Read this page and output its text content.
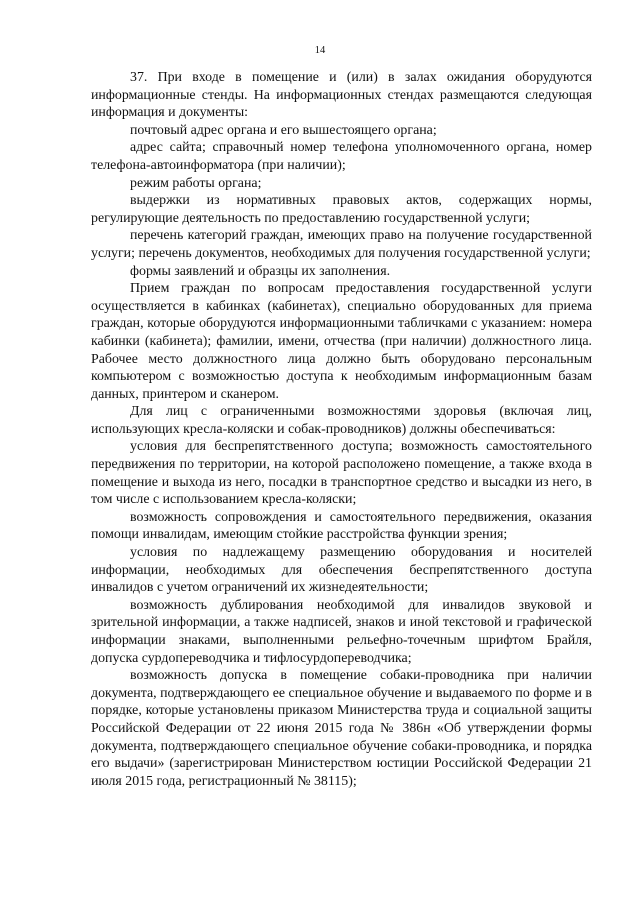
14

37. При входе в помещение и (или) в залах ожидания оборудуются информационные стенды. На информационных стендах размещаются следующая информация и документы:

почтовый адрес органа и его вышестоящего органа;

адрес сайта; справочный номер телефона уполномоченного органа, номер телефона-автоинформатора (при наличии);

режим работы органа;

выдержки из нормативных правовых актов, содержащих нормы, регулирующие деятельность по предоставлению государственной услуги;

перечень категорий граждан, имеющих право на получение государственной услуги; перечень документов, необходимых для получения государственной услуги;

формы заявлений и образцы их заполнения.

Прием граждан по вопросам предоставления государственной услуги осуществляется в кабинках (кабинетах), специально оборудованных для приема граждан, которые оборудуются информационными табличками с указанием: номера кабинки (кабинета); фамилии, имени, отчества (при наличии) должностного лица. Рабочее место должностного лица должно быть оборудовано персональным компьютером с возможностью доступа к необходимым информационным базам данных, принтером и сканером.

Для лиц с ограниченными возможностями здоровья (включая лиц, использующих кресла-коляски и собак-проводников) должны обеспечиваться:

условия для беспрепятственного доступа; возможность самостоятельного передвижения по территории, на которой расположено помещение, а также входа в помещение и выхода из него, посадки в транспортное средство и высадки из него, в том числе с использованием кресла-коляски;

возможность сопровождения и самостоятельного передвижения, оказания помощи инвалидам, имеющим стойкие расстройства функции зрения;

условия по надлежащему размещению оборудования и носителей информации, необходимых для обеспечения беспрепятственного доступа инвалидов с учетом ограничений их жизнедеятельности;

возможность дублирования необходимой для инвалидов звуковой и зрительной информации, а также надписей, знаков и иной текстовой и графической информации знаками, выполненными рельефно-точечным шрифтом Брайля, допуска сурдопереводчика и тифлосурдопереводчика;

возможность допуска в помещение собаки-проводника при наличии документа, подтверждающего ее специальное обучение и выдаваемого по форме и в порядке, которые установлены приказом Министерства труда и социальной защиты Российской Федерации от 22 июня 2015 года № 386н «Об утверждении формы документа, подтверждающего специальное обучение собаки-проводника, и порядка его выдачи» (зарегистрирован Министерством юстиции Российской Федерации 21 июля 2015 года, регистрационный № 38115);
